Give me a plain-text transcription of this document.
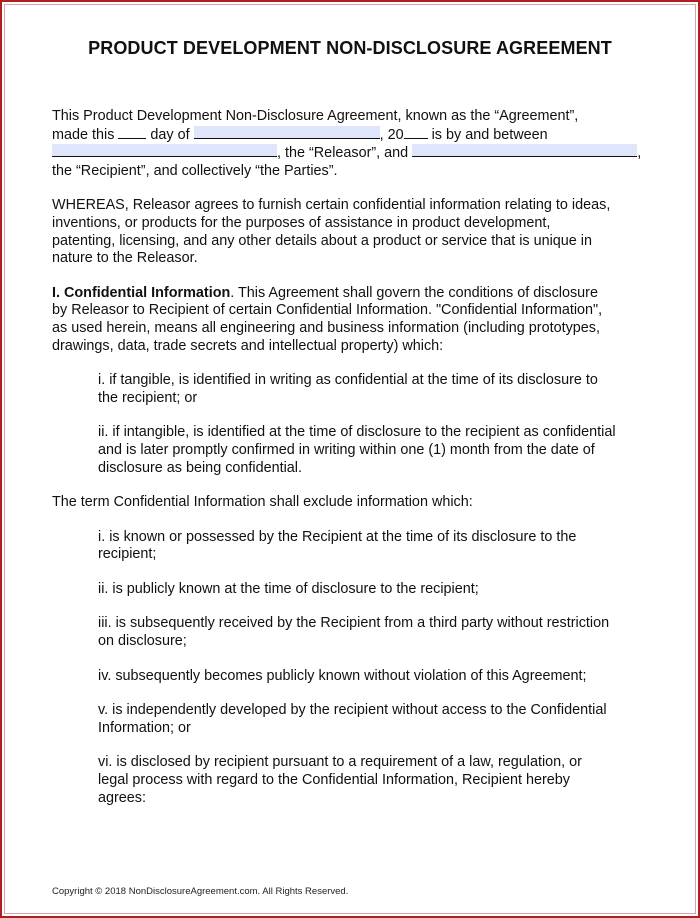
PRODUCT DEVELOPMENT NON-DISCLOSURE AGREEMENT

This Product Development Non-Disclosure Agreement, known as the “Agreement”,

made this	day of	, 20 is by and between

, the “Releasor”, and	,

the “Recipient”, and collectively “the Parties”.

WHEREAS, Releasor agrees to furnish certain confidential information relating to ideas,

inventions, or products for the purposes of assistance in product development,

patenting, licensing, and any other details about a product or service that is unique in

nature to the Releasor.

I. Confidential Information. This Agreement shall govern the conditions of disclosure

by Releasor to Recipient of certain Confidential Information. "Confidential Information",

as used herein, means all engineering and business information (including prototypes,

drawings, data, trade secrets and intellectual property) which:

i. if tangible, is identified in writing as confidential at the time of its disclosure to

the recipient; or

ii. if intangible, is identified at the time of disclosure to the recipient as confidential

and is later promptly confirmed in writing within one (1) month from the date of

disclosure as being confidential.

The term Confidential Information shall exclude information which:

i. is known or possessed by the Recipient at the time of its disclosure to the

recipient;

ii. is publicly known at the time of disclosure to the recipient;

iii. is subsequently received by the Recipient from a third party without restriction

on disclosure;

iv. subsequently becomes publicly known without violation of this Agreement;

v. is independently developed by the recipient without access to the Confidential

Information; or

vi. is disclosed by recipient pursuant to a requirement of a law, regulation, or

legal process with regard to the Confidential Information, Recipient hereby

agrees:

Copyright © 2018 NonDisclosureAgreement.com. All Rights Reserved.
